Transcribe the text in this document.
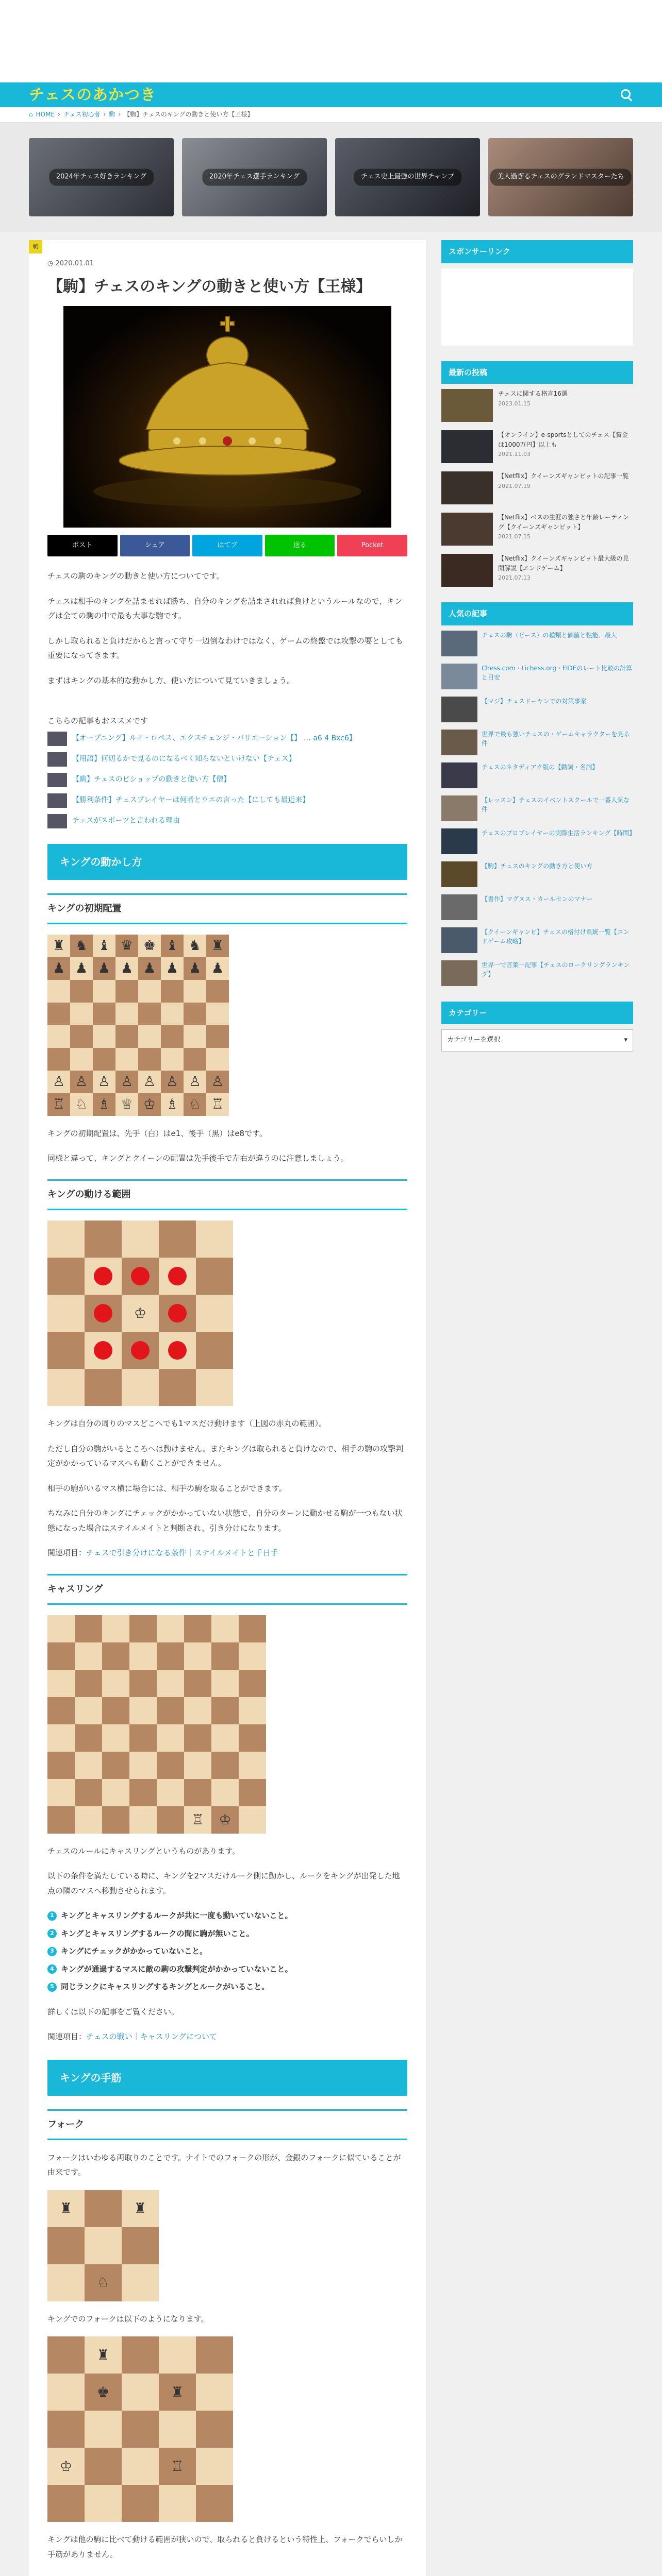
チェスのあかつき
⌂ HOME › チェス初心者 › 駒 › 【駒】チェスのキングの動きと使い方【王様】
2024年チェス好きランキング	2020年チェス選手ランキング	チェス史上最強の世界チャンプ	美人過ぎるチェスのグランドマスターたち
駒
◷ 2020.01.01
【駒】チェスのキングの動きと使い方【王様】
ポスト	シェア	はてブ	送る	Pocket

チェスの駒のキングの動きと使い方についてです。

チェスは相手のキングを詰ませれば勝ち、自分のキングを詰まされれば負けというルールなので、キングは全ての駒の中で最も大事な駒です。

しかし取られると負けだからと言って守り一辺倒なわけではなく、ゲームの終盤では攻撃の要としても重要になってきます。

まずはキングの基本的な動かし方、使い方について見ていきましょう。

こちらの記事もおススメです

【オープニング】ルイ・ロペス、エクスチェンジ・バリエーション【】 … a6 4 Bxc6】
【用語】何切るかで見るのになるべく知らないといけない【チェス】
【駒】チェスのビショップの動きと使い方【僧】
【勝利条件】チェスプレイヤーは何者とウエの言った【にしても最近来】
チェスがスポーツと言われる理由
キングの動かし方
キングの初期配置
♜ ♞ ♝ ♛ ♚ ♝ ♞ ♜
♟ ♟ ♟ ♟ ♟ ♟ ♟ ♟
♙ ♙ ♙ ♙ ♙ ♙ ♙ ♙
♖ ♘ ♗ ♕ ♔ ♗ ♘ ♖

キングの初期配置は、先手（白）はe1、後手（黒）はe8です。

同様と違って、キングとクイーンの配置は先手後手で左右が違うのに注意しましょう。

キングの動ける範囲
♔

キングは自分の周りのマスどこへでも1マスだけ動けます（上図の赤丸の範囲）。

ただし自分の駒がいるところへは動けません。またキングは取られると負けなので、相手の駒の攻撃判定がかかっているマスへも動くことができません。

相手の駒がいるマス横に場合には、相手の駒を取ることができます。

ちなみに自分のキングにチェックがかかっていない状態で、自分のターンに動かせる駒が一つもない状態になった場合はステイルメイトと判断され、引き分けになります。

関連項目：チェスで引き分けになる条件｜ステイルメイトと千日手

キャスリング
♖	♔

チェスのルールにキャスリングというものがあります。

以下の条件を満たしている時に、キングを2マスだけルーク側に動かし、ルークをキングが出発した地点の隣のマスへ移動させられます。

1 キングとキャスリングするルークが共に一度も動いていないこと。
2 キングとキャスリングするルークの間に駒が無いこと。
3 キングにチェックがかかっていないこと。
4 キングが通過するマスに敵の駒の攻撃判定がかかっていないこと。
5 同じランクにキャスリングするキングとルークがいること。

詳しくは以下の記事をご覧ください。

関連項目：チェスの戦い｜キャスリングについて

キングの手筋
フォーク

フォークはいわゆる両取りのことです。ナイトでのフォークの形が、金銀のフォークに似ていることが由来です。

♜	♜
♘

キングでのフォークは以下のようになります。

♜
♚	♜
♔	♖

キングは他の駒に比べて動ける範囲が狭いので、取られると負けるという特性上、フォークでらいしか手筋がありません。

スポンサーリンク
最新の投稿
チェスに関する格言16選
2023.01.15
【オンライン】e-sportsとしてのチェス【賞金は1000万円】以上も
2021.11.03
【Netflix】クイーンズギャンビットの記事一覧
2021.07.19
【Netflix】ベスの生涯の強さと年齢レーティング【クイーンズギャンビット】
2021.07.15
【Netflix】クイーンズギャンビット最大級の見開解説【エンドゲーム】
2021.07.13
人気の記事
チェスの駒（ピース）の種類と価値と性能、最大
Chess.com・Lichess.org・FIDEのレート比較の計算と目安
【マジ】チェスドーヤンでの対策事案
世界で最も強いチェスの・ゲームキャラクターを見る件
チェスのネタディアク版の【動詞・名詞】
【レッスン】チェスのイベントスクールで一番人気な件
チェスのプロプレイヤーの実際生活ランキング【時間】
【駒】チェスのキングの動き方と使い方
【書作】マグヌス・カールセンのマナー
【クイーンギャンビ】チェスの格付け系統一覧【エンドゲーム攻略】
世界一で言葉一記事【チェスのロークリングランキング】
カテゴリー
カテゴリーを選択	▾
